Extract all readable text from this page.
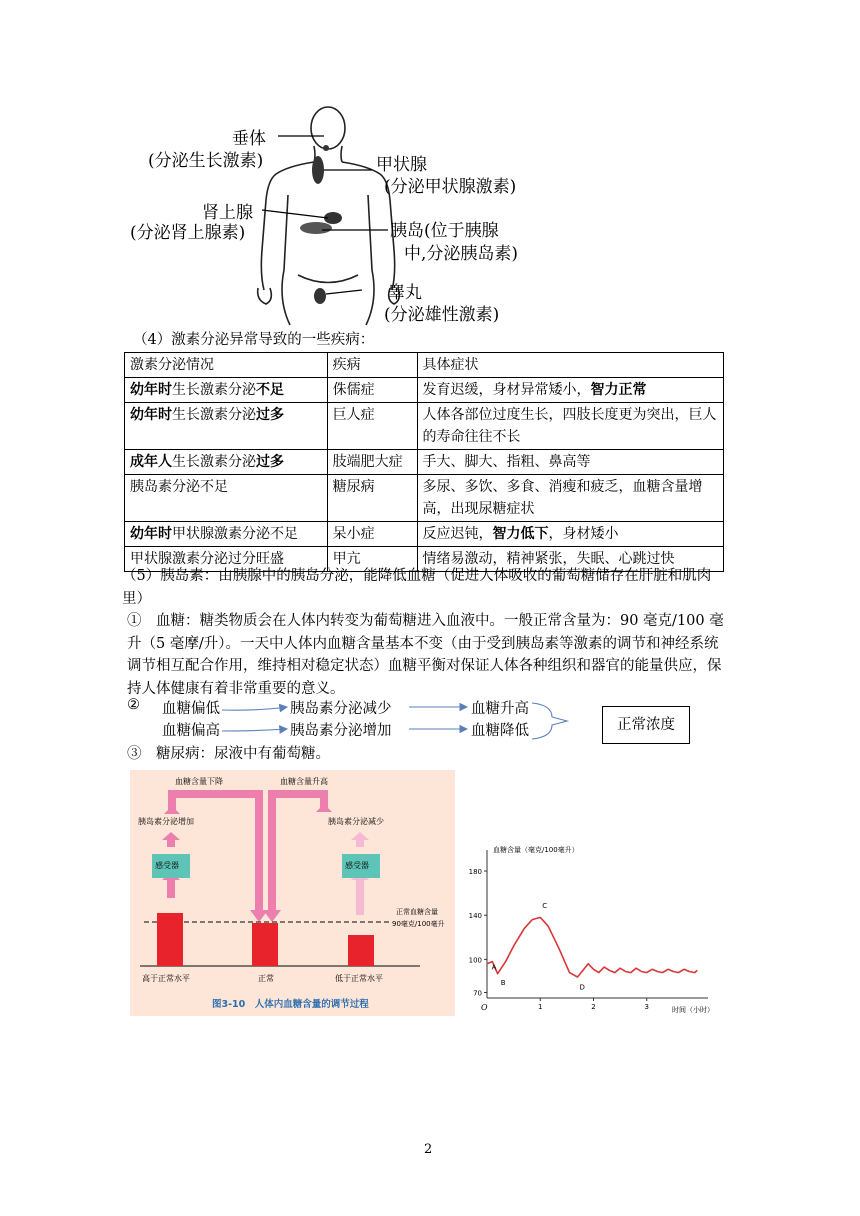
垂体
(分泌生长激素)	甲状腺
(分泌甲状腺激素)
肾上腺
(分泌肾上腺素)	胰岛(位于胰腺
中,分泌胰岛素)
睾丸
(分泌雄性激素)
（4）激素分泌异常导致的一些疾病：
激素分泌情况	疾病	具体症状
幼年时生长激素分泌不足	侏儒症	发育迟缓，身材异常矮小，智力正常
幼年时生长激素分泌过多	巨人症	人体各部位过度生长，四肢长度更为突出，巨人的寿命往往不长
成年人生长激素分泌过多	肢端肥大症	手大、脚大、指粗、鼻高等
胰岛素分泌不足	糖尿病	多尿、多饮、多食、消瘦和疲乏，血糖含量增高，出现尿糖症状
幼年时甲状腺激素分泌不足	呆小症	反应迟钝，智力低下，身材矮小
甲状腺激素分泌过分旺盛	甲亢	情绪易激动，精神紧张，失眠、心跳过快
（5）胰岛素：由胰腺中的胰岛分泌，能降低血糖（促进人体吸收的葡萄糖储存在肝脏和肌肉里）
①　血糖：糖类物质会在人体内转变为葡萄糖进入血液中。一般正常含量为：90 毫克/100 毫升（5 毫摩/升）。一天中人体内血糖含量基本不变（由于受到胰岛素等激素的调节和神经系统调节相互配合作用，维持相对稳定状态）血糖平衡对保证人体各种组织和器官的能量供应，保持人体健康有着非常重要的意义。
② 血糖偏低	胰岛素分泌减少	血糖升高
血糖偏高	胰岛素分泌增加	血糖降低	正常浓度
③　糖尿病：尿液中有葡萄糖。
血糖含量下降	血糖含量升高
胰岛素分泌增加	胰岛素分泌减少
感受器	感受器
正常血糖含量
90毫克/100毫升
高于正常水平	正常	低于正常水平
图3-10　人体内血糖含量的调节过程
血糖含量（毫克/100毫升）
时间（小时）
O
70
100
140
180
1	2	3
A
B
C
D
2
